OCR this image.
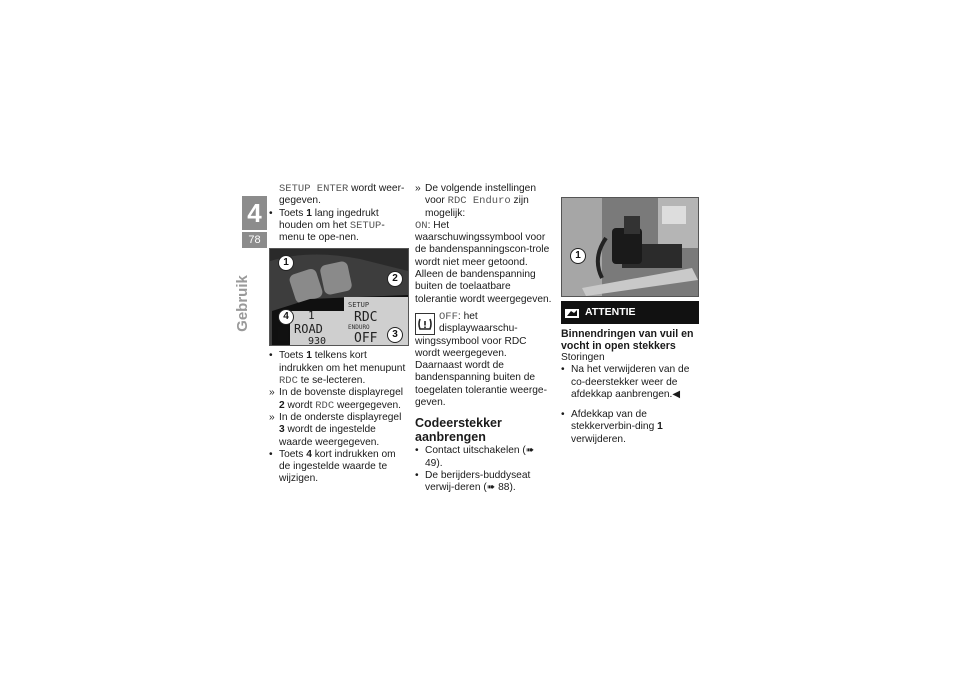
4
78
Gebruik

SETUP ENTER wordt weer-gegeven.

• Toets 1 lang ingedrukt houden om het SETUP-menu te ope-nen.

SETUP
RDC
1
ENDURO
OFF
ROAD
930
1
2
3
4

• Toets 1 telkens kort indrukken om het menupunt RDC te se-lecteren.

» In de bovenste displayregel 2 wordt RDC weergegeven.

» In de onderste displayregel 3 wordt de ingestelde waarde weergegeven.

• Toets 4 kort indrukken om de ingestelde waarde te wijzigen.

» De volgende instellingen voor RDC Enduro zijn mogelijk:

ON: Het waarschuwingssymbool voor de bandenspanningscon-trole wordt niet meer getoond. Alleen de bandenspanning buiten de toelaatbare tolerantie wordt weergegeven.

OFF: het displaywaarschu-wingssymbool voor RDC wordt weergegeven. Daarnaast wordt de bandenspanning buiten de toegelaten tolerantie weerge-geven.

Codeerstekker aanbrengen

• Contact uitschakelen (➠ 49).

• De berijders-buddyseat verwij-deren (➠ 88).

1
ATTENTIE
Binnendringen van vuil en vocht in open stekkers

Storingen

• Na het verwijderen van de co-deerstekker weer de afdekkap aanbrengen.◀

• Afdekkap van de stekkerverbin-ding 1 verwijderen.
